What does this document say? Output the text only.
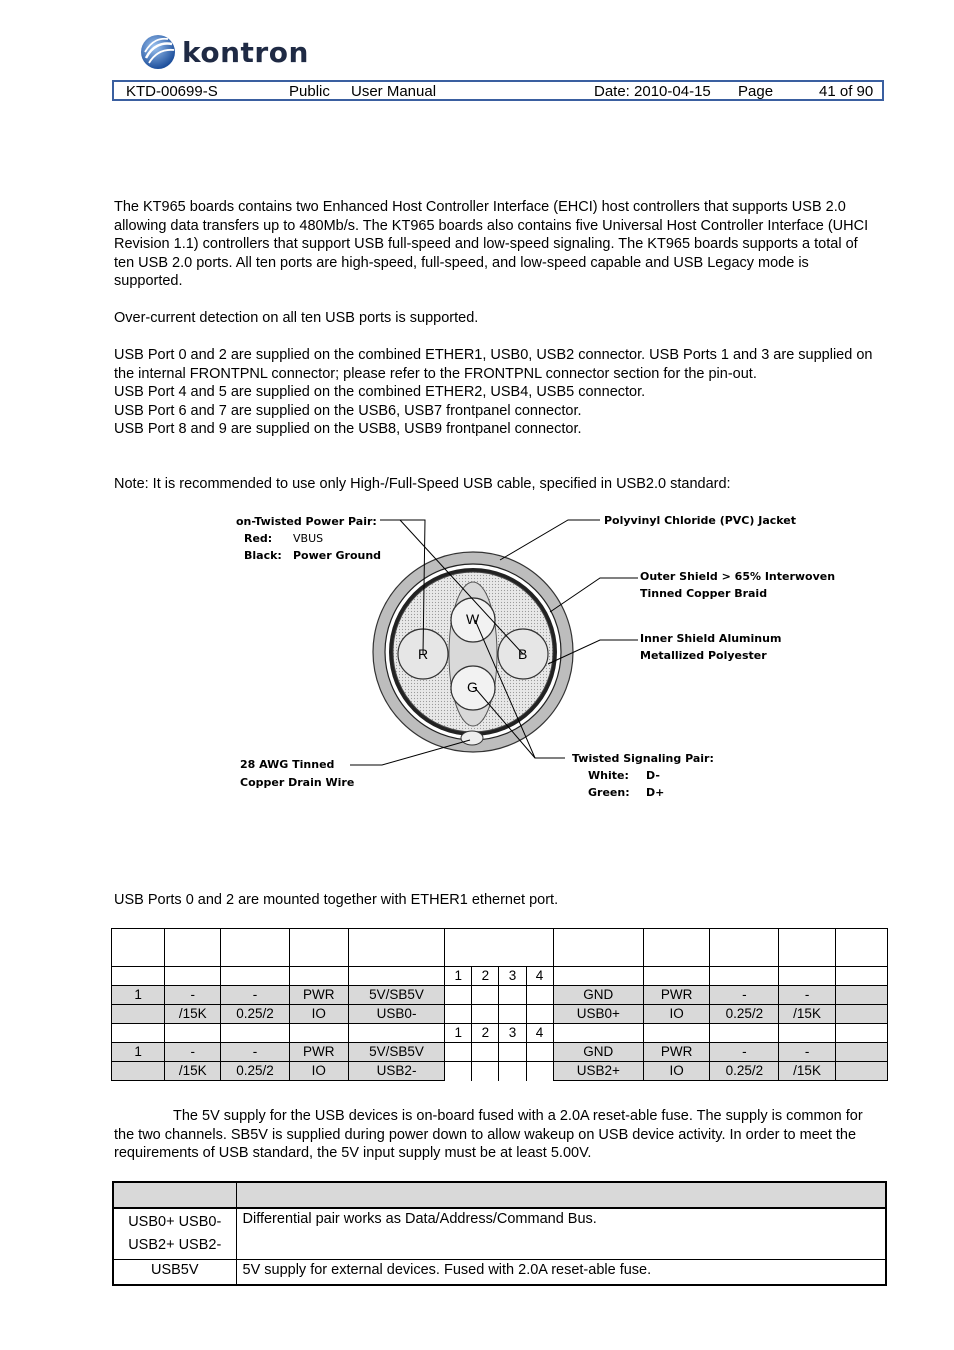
kontron
KTD-00699-S	Public User Manual	Date: 2010-04-15 Page	41 of 90

The KT965 boards contains two Enhanced Host Controller Interface (EHCI) host controllers that supports USB 2.0 allowing data transfers up to 480Mb/s. The KT965 boards also contains five Universal Host Controller Interface (UHCI Revision 1.1) controllers that support USB full-speed and low-speed signaling. The KT965 boards supports a total of ten USB 2.0 ports. All ten ports are high-speed, full-speed, and low-speed capable and USB Legacy mode is supported.

Over-current detection on all ten USB ports is supported.

USB Port 0 and 2 are supplied on the combined ETHER1, USB0, USB2 connector. USB Ports 1 and 3 are supplied on the internal FRONTPNL connector; please refer to the FRONTPNL connector section for the pin-out.

USB Port 4 and 5 are supplied on the combined ETHER2, USB4, USB5 connector.

USB Port 6 and 7 are supplied on the USB6, USB7 frontpanel connector.

USB Port 8 and 9 are supplied on the USB8, USB9 frontpanel connector.

Note: It is recommended to use only High-/Full-Speed USB cable, specified in USB2.0 standard:

on-Twisted Power Pair:
Red: VBUS
Black: Power Ground
Polyvinyl Chloride (PVC) Jacket
Outer Shield > 65% Interwoven
Tinned Copper Braid
Inner Shield Aluminum
Metallized Polyester
28 AWG Tinned
Copper Drain Wire
Twisted Signaling Pair:
White: D-
Green: D+
W
R	B
G

USB Ports 0 and 2 are mounted together with ETHER1 ethernet port.

					1	2	3	4					
1	-	-	PWR	5V/SB5V					GND	PWR	-	-	
	/15K	0.25/2	IO	USB0-					USB0+	IO	0.25/2	/15K	
					1	2	3	4					
1	-	-	PWR	5V/SB5V					GND	PWR	-	-	
	/15K	0.25/2	IO	USB2-					USB2+	IO	0.25/2	/15K	

The 5V supply for the USB devices is on-board fused with a 2.0A reset-able fuse. The supply is common for the two channels. SB5V is supplied during power down to allow wakeup on USB device activity. In order to meet the requirements of USB standard, the 5V input supply must be at least 5.00V.

USB0+ USB0-
USB2+ USB2-	Differential pair works as Data/Address/Command Bus.
USB5V	5V supply for external devices. Fused with 2.0A reset-able fuse.
